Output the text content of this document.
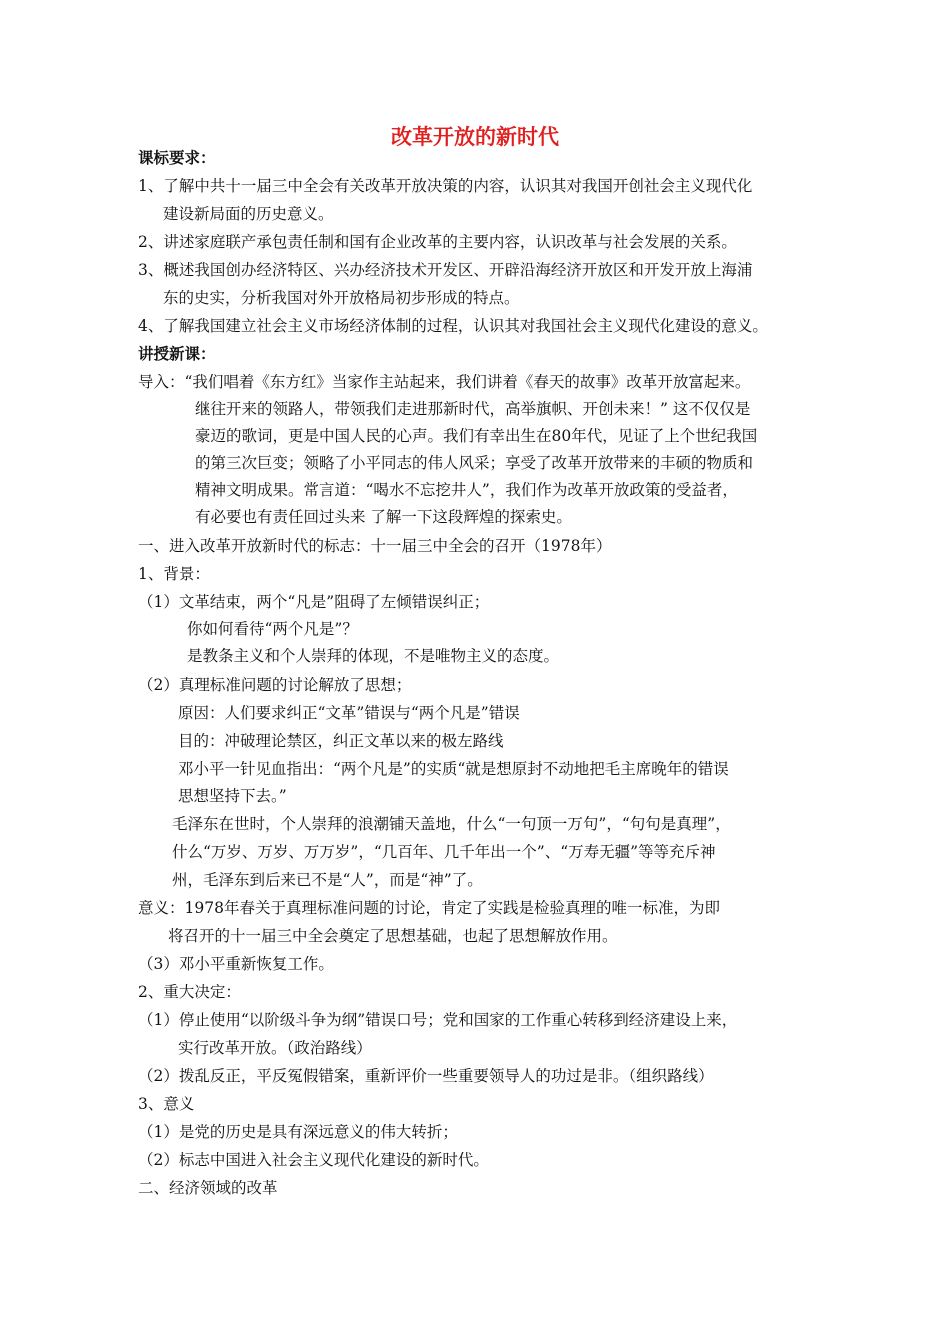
改革开放的新时代
课标要求：
1、了解中共十一届三中全会有关改革开放决策的内容，认识其对我国开创社会主义现代化
建设新局面的历史意义。
2、讲述家庭联产承包责任制和国有企业改革的主要内容，认识改革与社会发展的关系。
3、概述我国创办经济特区、兴办经济技术开发区、开辟沿海经济开放区和开发开放上海浦
东的史实，分析我国对外开放格局初步形成的特点。
4、了解我国建立社会主义市场经济体制的过程，认识其对我国社会主义现代化建设的意义。
讲授新课：
导入：“我们唱着《东方红》当家作主站起来，我们讲着《春天的故事》改革开放富起来。
继往开来的领路人，带领我们走进那新时代，高举旗帜、开创未来！” 这不仅仅是
豪迈的歌词，更是中国人民的心声。我们有幸出生在80年代，见证了上个世纪我国
的第三次巨变；领略了小平同志的伟人风采；享受了改革开放带来的丰硕的物质和
精神文明成果。常言道：“喝水不忘挖井人”，我们作为改革开放政策的受益者，
有必要也有责任回过头来 了解一下这段辉煌的探索史。
一、进入改革开放新时代的标志：十一届三中全会的召开（1978年）
1、背景：
（1）文革结束，两个“凡是”阻碍了左倾错误纠正；
你如何看待“两个凡是”？
是教条主义和个人崇拜的体现，不是唯物主义的态度。
（2）真理标准问题的讨论解放了思想；
原因：人们要求纠正“文革”错误与“两个凡是”错误
目的：冲破理论禁区，纠正文革以来的极左路线
邓小平一针见血指出：“两个凡是”的实质“就是想原封不动地把毛主席晚年的错误
思想坚持下去。”
毛泽东在世时，个人崇拜的浪潮铺天盖地，什么“一句顶一万句”，“句句是真理”，
什么“万岁、万岁、万万岁”，“几百年、几千年出一个”、“万寿无疆”等等充斥神
州，毛泽东到后来已不是“人”，而是“神”了。
意义：1978年春关于真理标准问题的讨论，肯定了实践是检验真理的唯一标准，为即
将召开的十一届三中全会奠定了思想基础，也起了思想解放作用。
（3）邓小平重新恢复工作。
2、重大决定：
（1）停止使用“以阶级斗争为纲”错误口号；党和国家的工作重心转移到经济建设上来，
实行改革开放。（政治路线）
（2）拨乱反正，平反冤假错案，重新评价一些重要领导人的功过是非。（组织路线）
3、意义
（1）是党的历史是具有深远意义的伟大转折；
（2）标志中国进入社会主义现代化建设的新时代。
二、经济领域的改革
